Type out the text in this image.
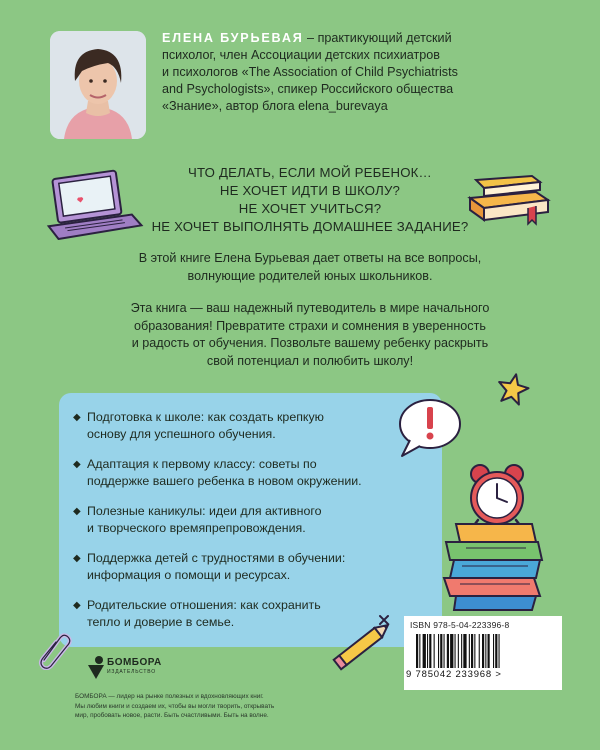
ЕЛЕНА БУРЬЕВАЯ – практикующий детский
психолог, член Ассоциации детских психиатров
и психологов «The Association of Child Psychiatrists
and Psychologists», спикер Российского общества
«Знание», автор блога elena_burevaya
ЧТО ДЕЛАТЬ, ЕСЛИ МОЙ РЕБЕНОК…
НЕ ХОЧЕТ ИДТИ В ШКОЛУ?
НЕ ХОЧЕТ УЧИТЬСЯ?
НЕ ХОЧЕТ ВЫПОЛНЯТЬ ДОМАШНЕЕ ЗАДАНИЕ?
В этой книге Елена Бурьевая дает ответы на все вопросы,
волнующие родителей юных школьников.
Эта книга — ваш надежный путеводитель в мире начального
образования! Превратите страхи и сомнения в уверенность
и радость от обучения. Позвольте вашему ребенку раскрыть
свой потенциал и полюбить школу!
◆ Подготовка к школе: как создать крепкую
основу для успешного обучения.
◆ Адаптация к первому классу: советы по
поддержке вашего ребенка в новом окружении.
◆ Полезные каникулы: идеи для активного
и творческого времяпрепровождения.
◆ Поддержка детей с трудностями в обучении:
информация о помощи и ресурсах.
◆ Родительские отношения: как сохранить
тепло и доверие в семье.
БОМБОРА
ИЗДАТЕЛЬСТВО
БОМБОРА — лидер на рынке полезных и вдохновляющих книг.
Мы любим книги и создаем их, чтобы вы могли творить, открывать
мир, пробовать новое, расти. Быть счастливыми. Быть на волне.
ISBN 978-5-04-223396-8
9 785042 233968 >
